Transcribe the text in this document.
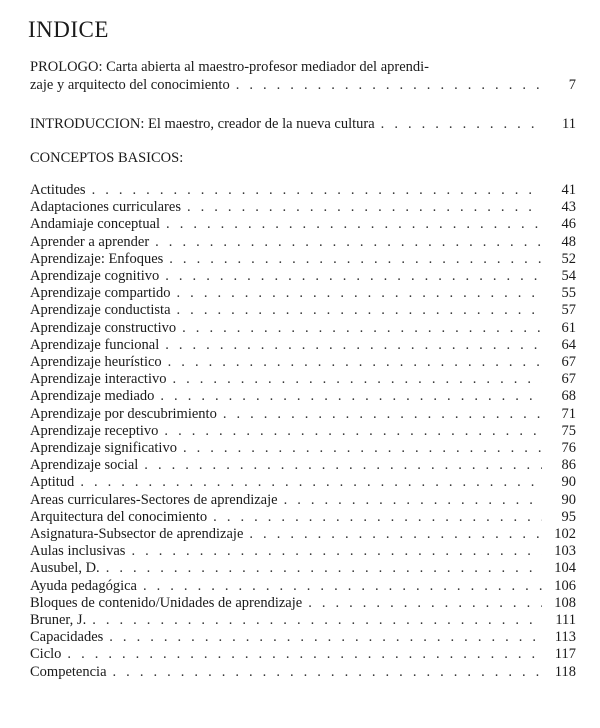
INDICE
PROLOGO: Carta abierta al maestro-profesor mediador del aprendi-
zaje y arquitecto del conocimiento . . .	7
INTRODUCCION: El maestro, creador de la nueva cultura . . .	11
CONCEPTOS BASICOS:
Actitudes . . .	41
Adaptaciones curriculares . . .	43
Andamiaje conceptual . . .	46
Aprender a aprender . . .	48
Aprendizaje: Enfoques . . .	52
Aprendizaje cognitivo . . .	54
Aprendizaje compartido . . .	55
Aprendizaje conductista . . .	57
Aprendizaje constructivo . . .	61
Aprendizaje funcional . . .	64
Aprendizaje heurístico . . .	67
Aprendizaje interactivo . . .	67
Aprendizaje mediado . . .	68
Aprendizaje por descubrimiento . . .	71
Aprendizaje receptivo . . .	75
Aprendizaje significativo . . .	76
Aprendizaje social . . .	86
Aptitud . . .	90
Areas curriculares-Sectores de aprendizaje . . .	90
Arquitectura del conocimiento . . .	95
Asignatura-Subsector de aprendizaje . . .	102
Aulas inclusivas . . .	103
Ausubel, D. . . .	104
Ayuda pedagógica . . .	106
Bloques de contenido/Unidades de aprendizaje . . .	108
Bruner, J. . . .	111
Capacidades . . .	113
Ciclo . . .	117
Competencia . . .	118
